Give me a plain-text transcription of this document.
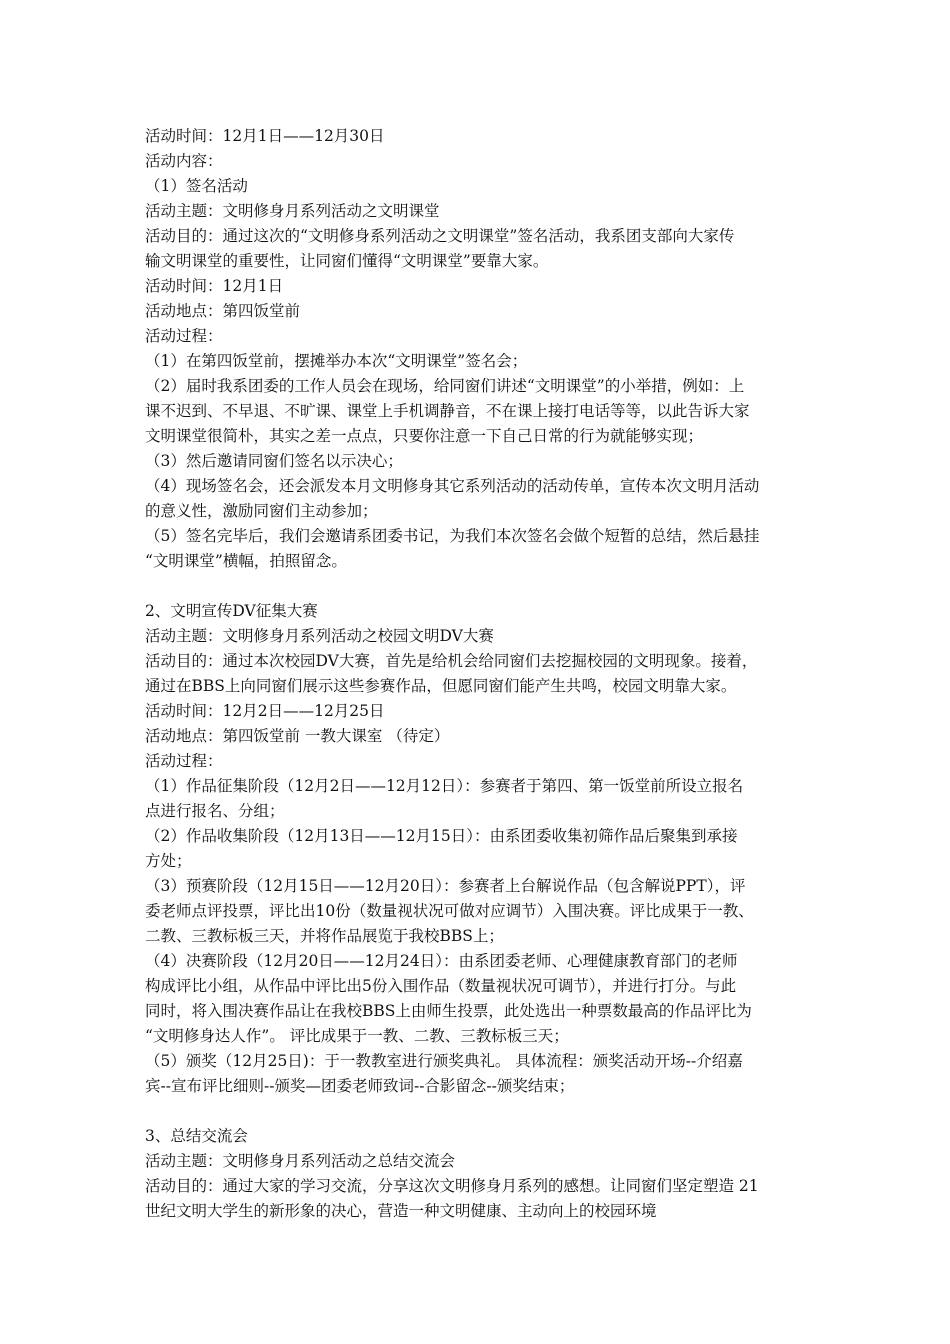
活动时间：12月1日——12月30日
活动内容：
（1）签名活动
活动主题：文明修身月系列活动之文明课堂
活动目的：通过这次的“文明修身系列活动之文明课堂”签名活动，我系团支部向大家传
输文明课堂的重要性，让同窗们懂得“文明课堂”要靠大家。
活动时间：12月1日
活动地点：第四饭堂前
活动过程：
（1）在第四饭堂前，摆摊举办本次“文明课堂”签名会；
（2）届时我系团委的工作人员会在现场，给同窗们讲述“文明课堂”的小举措，例如：上
课不迟到、不早退、不旷课、课堂上手机调静音，不在课上接打电话等等，以此告诉大家
文明课堂很简朴，其实之差一点点，只要你注意一下自己日常的行为就能够实现；
（3）然后邀请同窗们签名以示决心；
（4）现场签名会，还会派发本月文明修身其它系列活动的活动传单，宣传本次文明月活动
的意义性，激励同窗们主动参加；
（5）签名完毕后，我们会邀请系团委书记，为我们本次签名会做个短暂的总结，然后悬挂
“文明课堂”横幅，拍照留念。
2、文明宣传DV征集大赛
活动主题：文明修身月系列活动之校园文明DV大赛
活动目的：通过本次校园DV大赛，首先是给机会给同窗们去挖掘校园的文明现象。接着，
通过在BBS上向同窗们展示这些参赛作品，但愿同窗们能产生共鸣，校园文明靠大家。
活动时间：12月2日——12月25日
活动地点：第四饭堂前 一教大课室 （待定）
活动过程：
（1）作品征集阶段（12月2日——12月12日）：参赛者于第四、第一饭堂前所设立报名
点进行报名、分组；
（2）作品收集阶段（12月13日——12月15日）：由系团委收集初筛作品后聚集到承接
方处；
（3）预赛阶段（12月15日——12月20日）：参赛者上台解说作品（包含解说PPT），评
委老师点评投票，评比出10份（数量视状况可做对应调节）入围决赛。评比成果于一教、
二教、三教标板三天，并将作品展览于我校BBS上；
（4）决赛阶段（12月20日——12月24日）：由系团委老师、心理健康教育部门的老师
构成评比小组，从作品中评比出5份入围作品（数量视状况可调节），并进行打分。与此
同时，将入围决赛作品让在我校BBS上由师生投票，此处选出一种票数最高的作品评比为
“文明修身达人作”。 评比成果于一教、二教、三教标板三天；
（5）颁奖（12月25日)：于一教教室进行颁奖典礼。 具体流程：颁奖活动开场--介绍嘉
宾--宣布评比细则--颁奖—团委老师致词--合影留念--颁奖结束；
3、总结交流会
活动主题：文明修身月系列活动之总结交流会
活动目的：通过大家的学习交流，分享这次文明修身月系列的感想。让同窗们坚定塑造 21
世纪文明大学生的新形象的决心，营造一种文明健康、主动向上的校园环境
